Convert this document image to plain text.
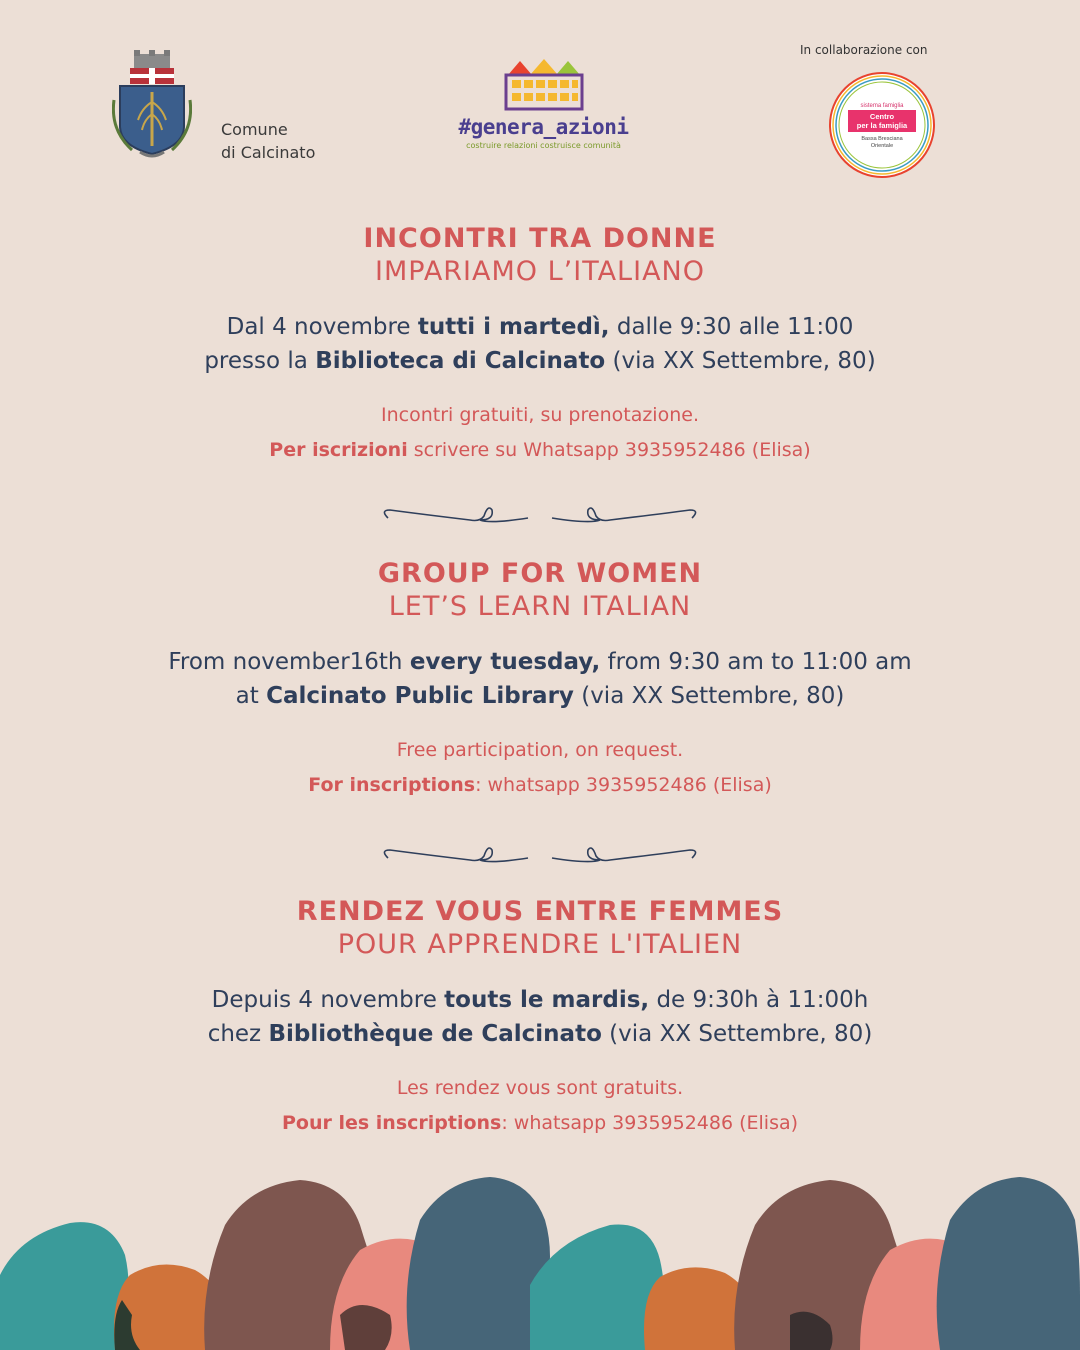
Comune
di Calcinato
#genera_azioni
costruire relazioni costruisce comunità
In collaborazione con
sistema famiglia
Centro
per la famiglia
Bassa Bresciana
Orientale
INCONTRI TRA DONNE
IMPARIAMO L’ITALIANO
Dal 4 novembre tutti i martedì, dalle 9:30 alle 11:00
presso la Biblioteca di Calcinato (via XX Settembre, 80)
Incontri gratuiti, su prenotazione.
Per iscrizioni scrivere su Whatsapp 3935952486 (Elisa)
GROUP FOR WOMEN
LET’S LEARN ITALIAN
From november16th every tuesday, from 9:30 am to 11:00 am
at Calcinato Public Library (via XX Settembre, 80)
Free participation, on request.
For inscriptions: whatsapp 3935952486 (Elisa)
RENDEZ VOUS ENTRE FEMMES
POUR APPRENDRE L'ITALIEN
Depuis 4 novembre touts le mardis, de 9:30h à 11:00h
chez Bibliothèque de Calcinato (via XX Settembre, 80)
Les rendez vous sont gratuits.
Pour les inscriptions: whatsapp 3935952486 (Elisa)
